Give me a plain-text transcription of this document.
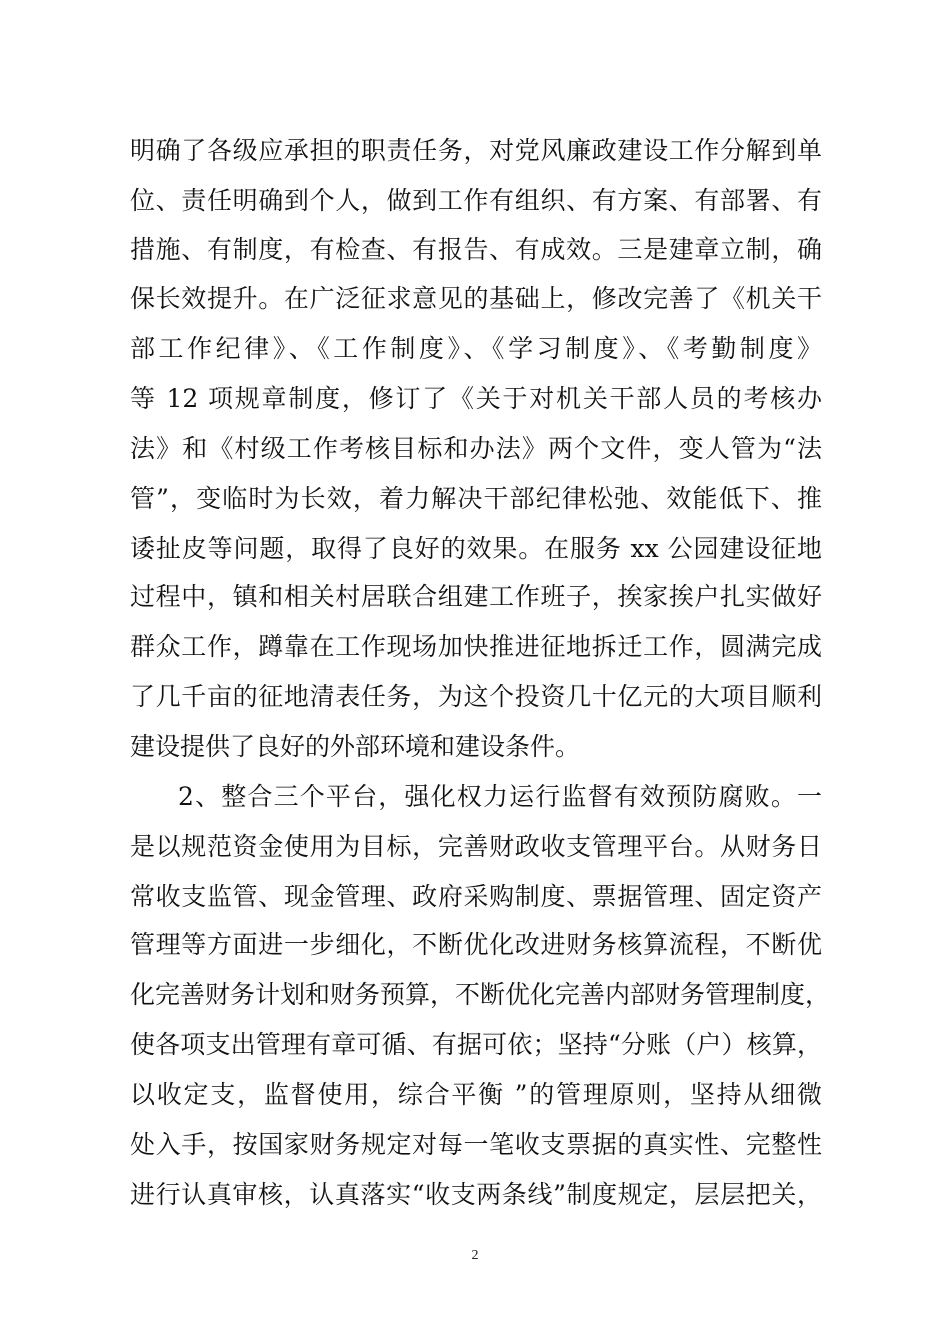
明确了各级应承担的职责任务，对党风廉政建设工作分解到单
位、责任明确到个人，做到工作有组织、有方案、有部署、有
措施、有制度，有检查、有报告、有成效。三是建章立制，确
保长效提升。在广泛征求意见的基础上，修改完善了《机关干
部工作纪律》、《工作制度》、《学习制度》、《考勤制度》
等 12 项规章制度，修订了《关于对机关干部人员的考核办
法》和《村级工作考核目标和办法》两个文件，变人管为“法
管”，变临时为长效，着力解决干部纪律松弛、效能低下、推
诿扯皮等问题，取得了良好的效果。在服务 xx 公园建设征地
过程中，镇和相关村居联合组建工作班子，挨家挨户扎实做好
群众工作，蹲靠在工作现场加快推进征地拆迁工作，圆满完成
了几千亩的征地清表任务，为这个投资几十亿元的大项目顺利
建设提供了良好的外部环境和建设条件。
2、整合三个平台，强化权力运行监督有效预防腐败。一
是以规范资金使用为目标，完善财政收支管理平台。从财务日
常收支监管、现金管理、政府采购制度、票据管理、固定资产
管理等方面进一步细化，不断优化改进财务核算流程，不断优
化完善财务计划和财务预算，不断优化完善内部财务管理制度，
使各项支出管理有章可循、有据可依；坚持“分账（户）核算，
以收定支，监督使用，综合平衡 ”的管理原则，坚持从细微
处入手，按国家财务规定对每一笔收支票据的真实性、完整性
进行认真审核，认真落实“收支两条线”制度规定，层层把关，
2
